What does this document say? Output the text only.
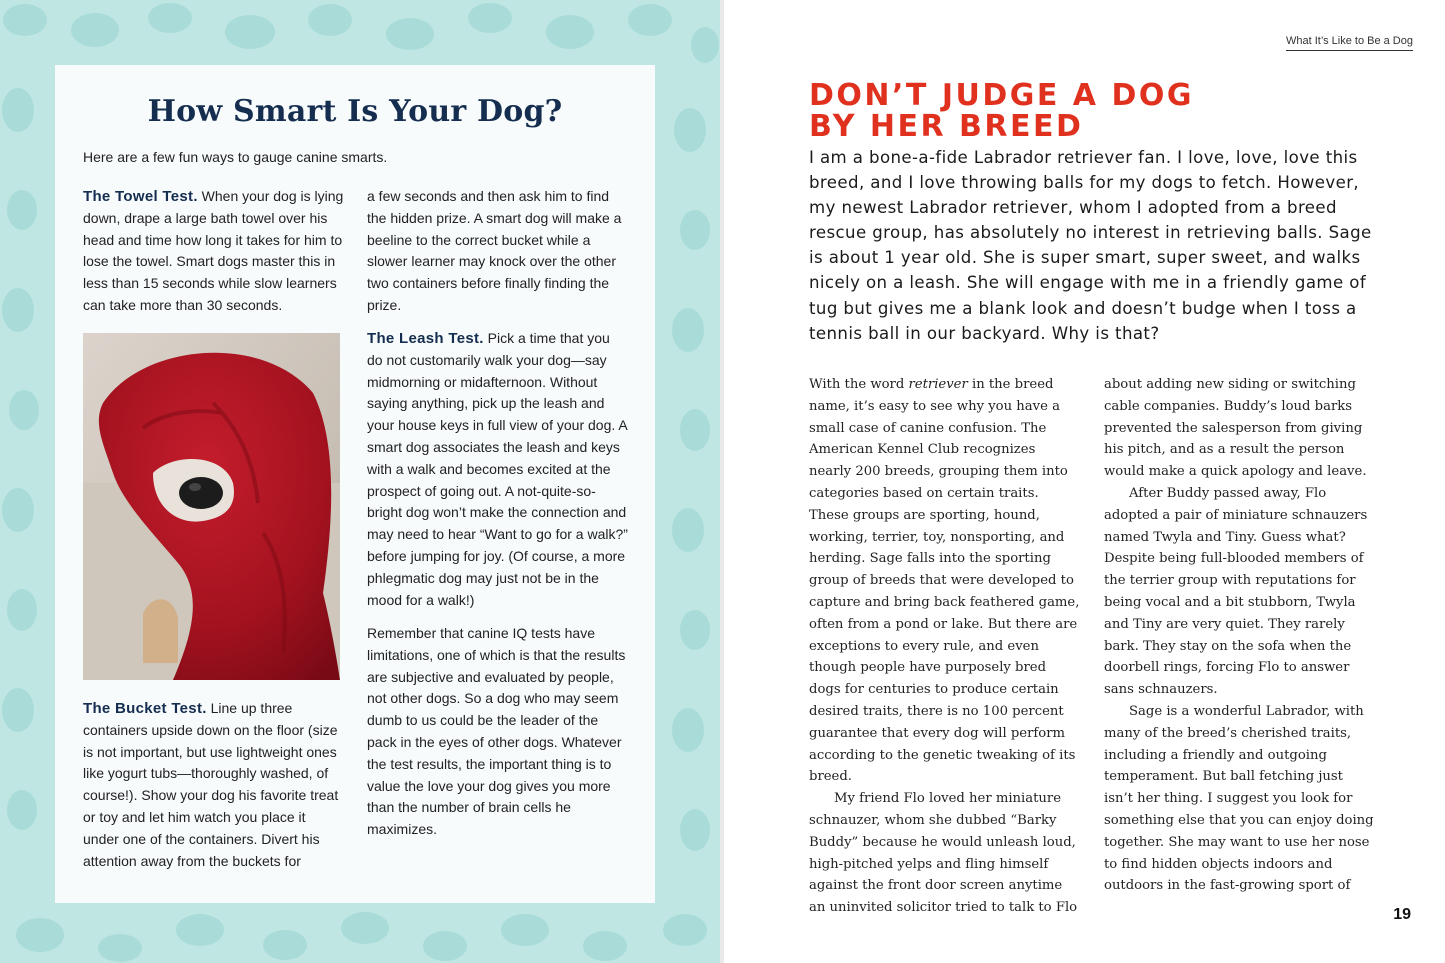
How Smart Is Your Dog?
Here are a few fun ways to gauge canine smarts.

The Towel Test. When your dog is lying down, drape a large bath towel over his head and time how long it takes for him to lose the towel. Smart dogs master this in less than 15 seconds while slow learners can take more than 30 seconds.

The Bucket Test. Line up three containers upside down on the floor (size is not important, but use lightweight ones like yogurt tubs—thoroughly washed, of course!). Show your dog his favorite treat or toy and let him watch you place it under one of the containers. Divert his attention away from the buckets for

a few seconds and then ask him to find the hidden prize. A smart dog will make a beeline to the correct bucket while a slower learner may knock over the other two containers before finally finding the prize.

The Leash Test. Pick a time that you do not customarily walk your dog—say midmorning or midafternoon. Without saying anything, pick up the leash and your house keys in full view of your dog. A smart dog associates the leash and keys with a walk and becomes excited at the prospect of going out. A not-quite-so-bright dog won’t make the connection and may need to hear “Want to go for a walk?” before jumping for joy. (Of course, a more phlegmatic dog may just not be in the mood for a walk!)

Remember that canine IQ tests have limitations, one of which is that the results are subjective and evaluated by people, not other dogs. So a dog who may seem dumb to us could be the leader of the pack in the eyes of other dogs. Whatever the test results, the important thing is to value the love your dog gives you more than the number of brain cells he maximizes.

What It’s Like to Be a Dog
DON’T JUDGE A DOG
BY HER BREED
I am a bone-a-fide Labrador retriever fan. I love, love, love this breed, and I love throwing balls for my dogs to fetch. However, my newest Labrador retriever, whom I adopted from a breed rescue group, has absolutely no interest in retrieving balls. Sage is about 1 year old. She is super smart, super sweet, and walks nicely on a leash. She will engage with me in a friendly game of tug but gives me a blank look and doesn’t budge when I toss a tennis ball in our backyard. Why is that?

With the word retriever in the breed name, it’s easy to see why you have a small case of canine confusion. The American Kennel Club recognizes nearly 200 breeds, grouping them into categories based on certain traits. These groups are sporting, hound, working, terrier, toy, nonsporting, and herding. Sage falls into the sporting group of breeds that were developed to capture and bring back feathered game, often from a pond or lake. But there are exceptions to every rule, and even though people have purposely bred dogs for centuries to produce certain desired traits, there is no 100 percent guarantee that every dog will perform according to the genetic tweaking of its breed.

My friend Flo loved her miniature schnauzer, whom she dubbed “Barky Buddy” because he would unleash loud, high-pitched yelps and fling himself against the front door screen anytime an uninvited solicitor tried to talk to Flo

about adding new siding or switching cable companies. Buddy’s loud barks prevented the salesperson from giving his pitch, and as a result the person would make a quick apology and leave.

After Buddy passed away, Flo adopted a pair of miniature schnauzers named Twyla and Tiny. Guess what? Despite being full-blooded members of the terrier group with reputations for being vocal and a bit stubborn, Twyla and Tiny are very quiet. They rarely bark. They stay on the sofa when the doorbell rings, forcing Flo to answer sans schnauzers.

Sage is a wonderful Labrador, with many of the breed’s cherished traits, including a friendly and outgoing temperament. But ball fetching just isn’t her thing. I suggest you look for something else that you can enjoy doing together. She may want to use her nose to find hidden objects indoors and outdoors in the fast-growing sport of

19
